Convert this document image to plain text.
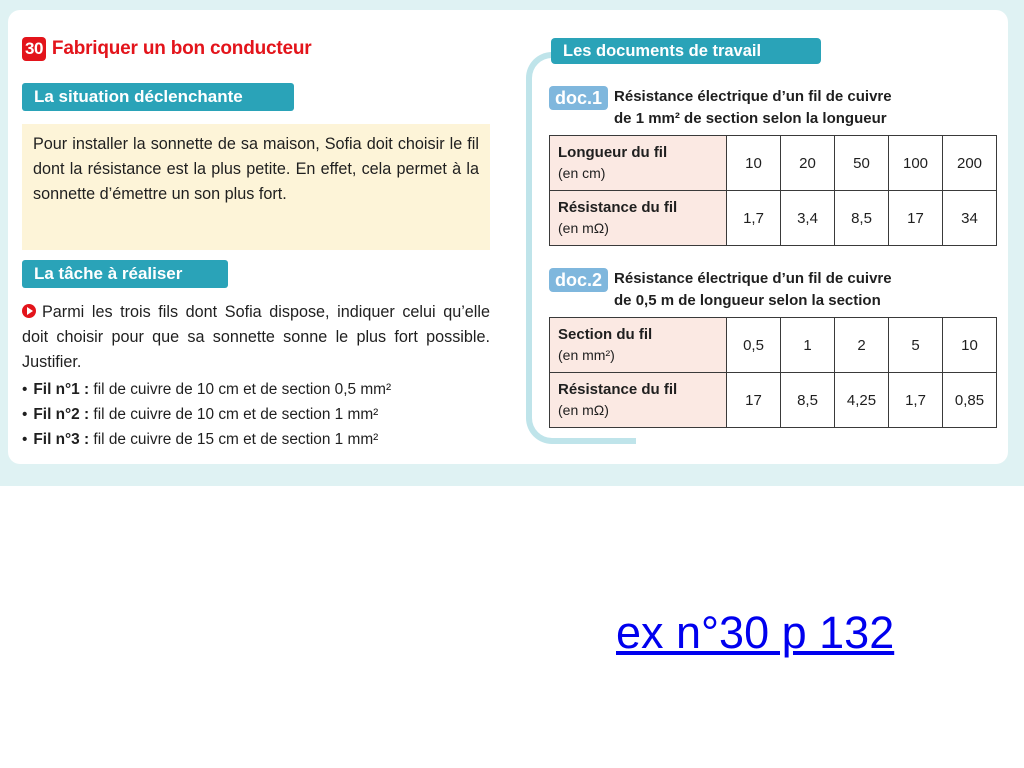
30 Fabriquer un bon conducteur
La situation déclenchante
Pour installer la sonnette de sa maison, Sofia doit choisir le fil dont la résistance est la plus petite. En effet, cela permet à la sonnette d’émettre un son plus fort.
La tâche à réaliser
Parmi les trois fils dont Sofia dispose, indiquer celui qu’elle doit choisir pour que sa sonnette sonne le plus fort possible. Justifier.
• Fil n°1 : fil de cuivre de 10 cm et de section 0,5 mm²
• Fil n°2 : fil de cuivre de 10 cm et de section 1 mm²
• Fil n°3 : fil de cuivre de 15 cm et de section 1 mm²
Les documents de travail
doc.1 Résistance électrique d’un fil de cuivre
de 1 mm² de section selon la longueur
Longueur du fil
(en cm)	10	20	50	100	200

Résistance du fil
(en mΩ)	1,7	3,4	8,5	17	34
doc.2 Résistance électrique d’un fil de cuivre
de 0,5 m de longueur selon la section
Section du fil
(en mm²)	0,5	1	2	5	10

Résistance du fil
(en mΩ)	17	8,5	4,25	1,7	0,85
ex n°30 p 132
